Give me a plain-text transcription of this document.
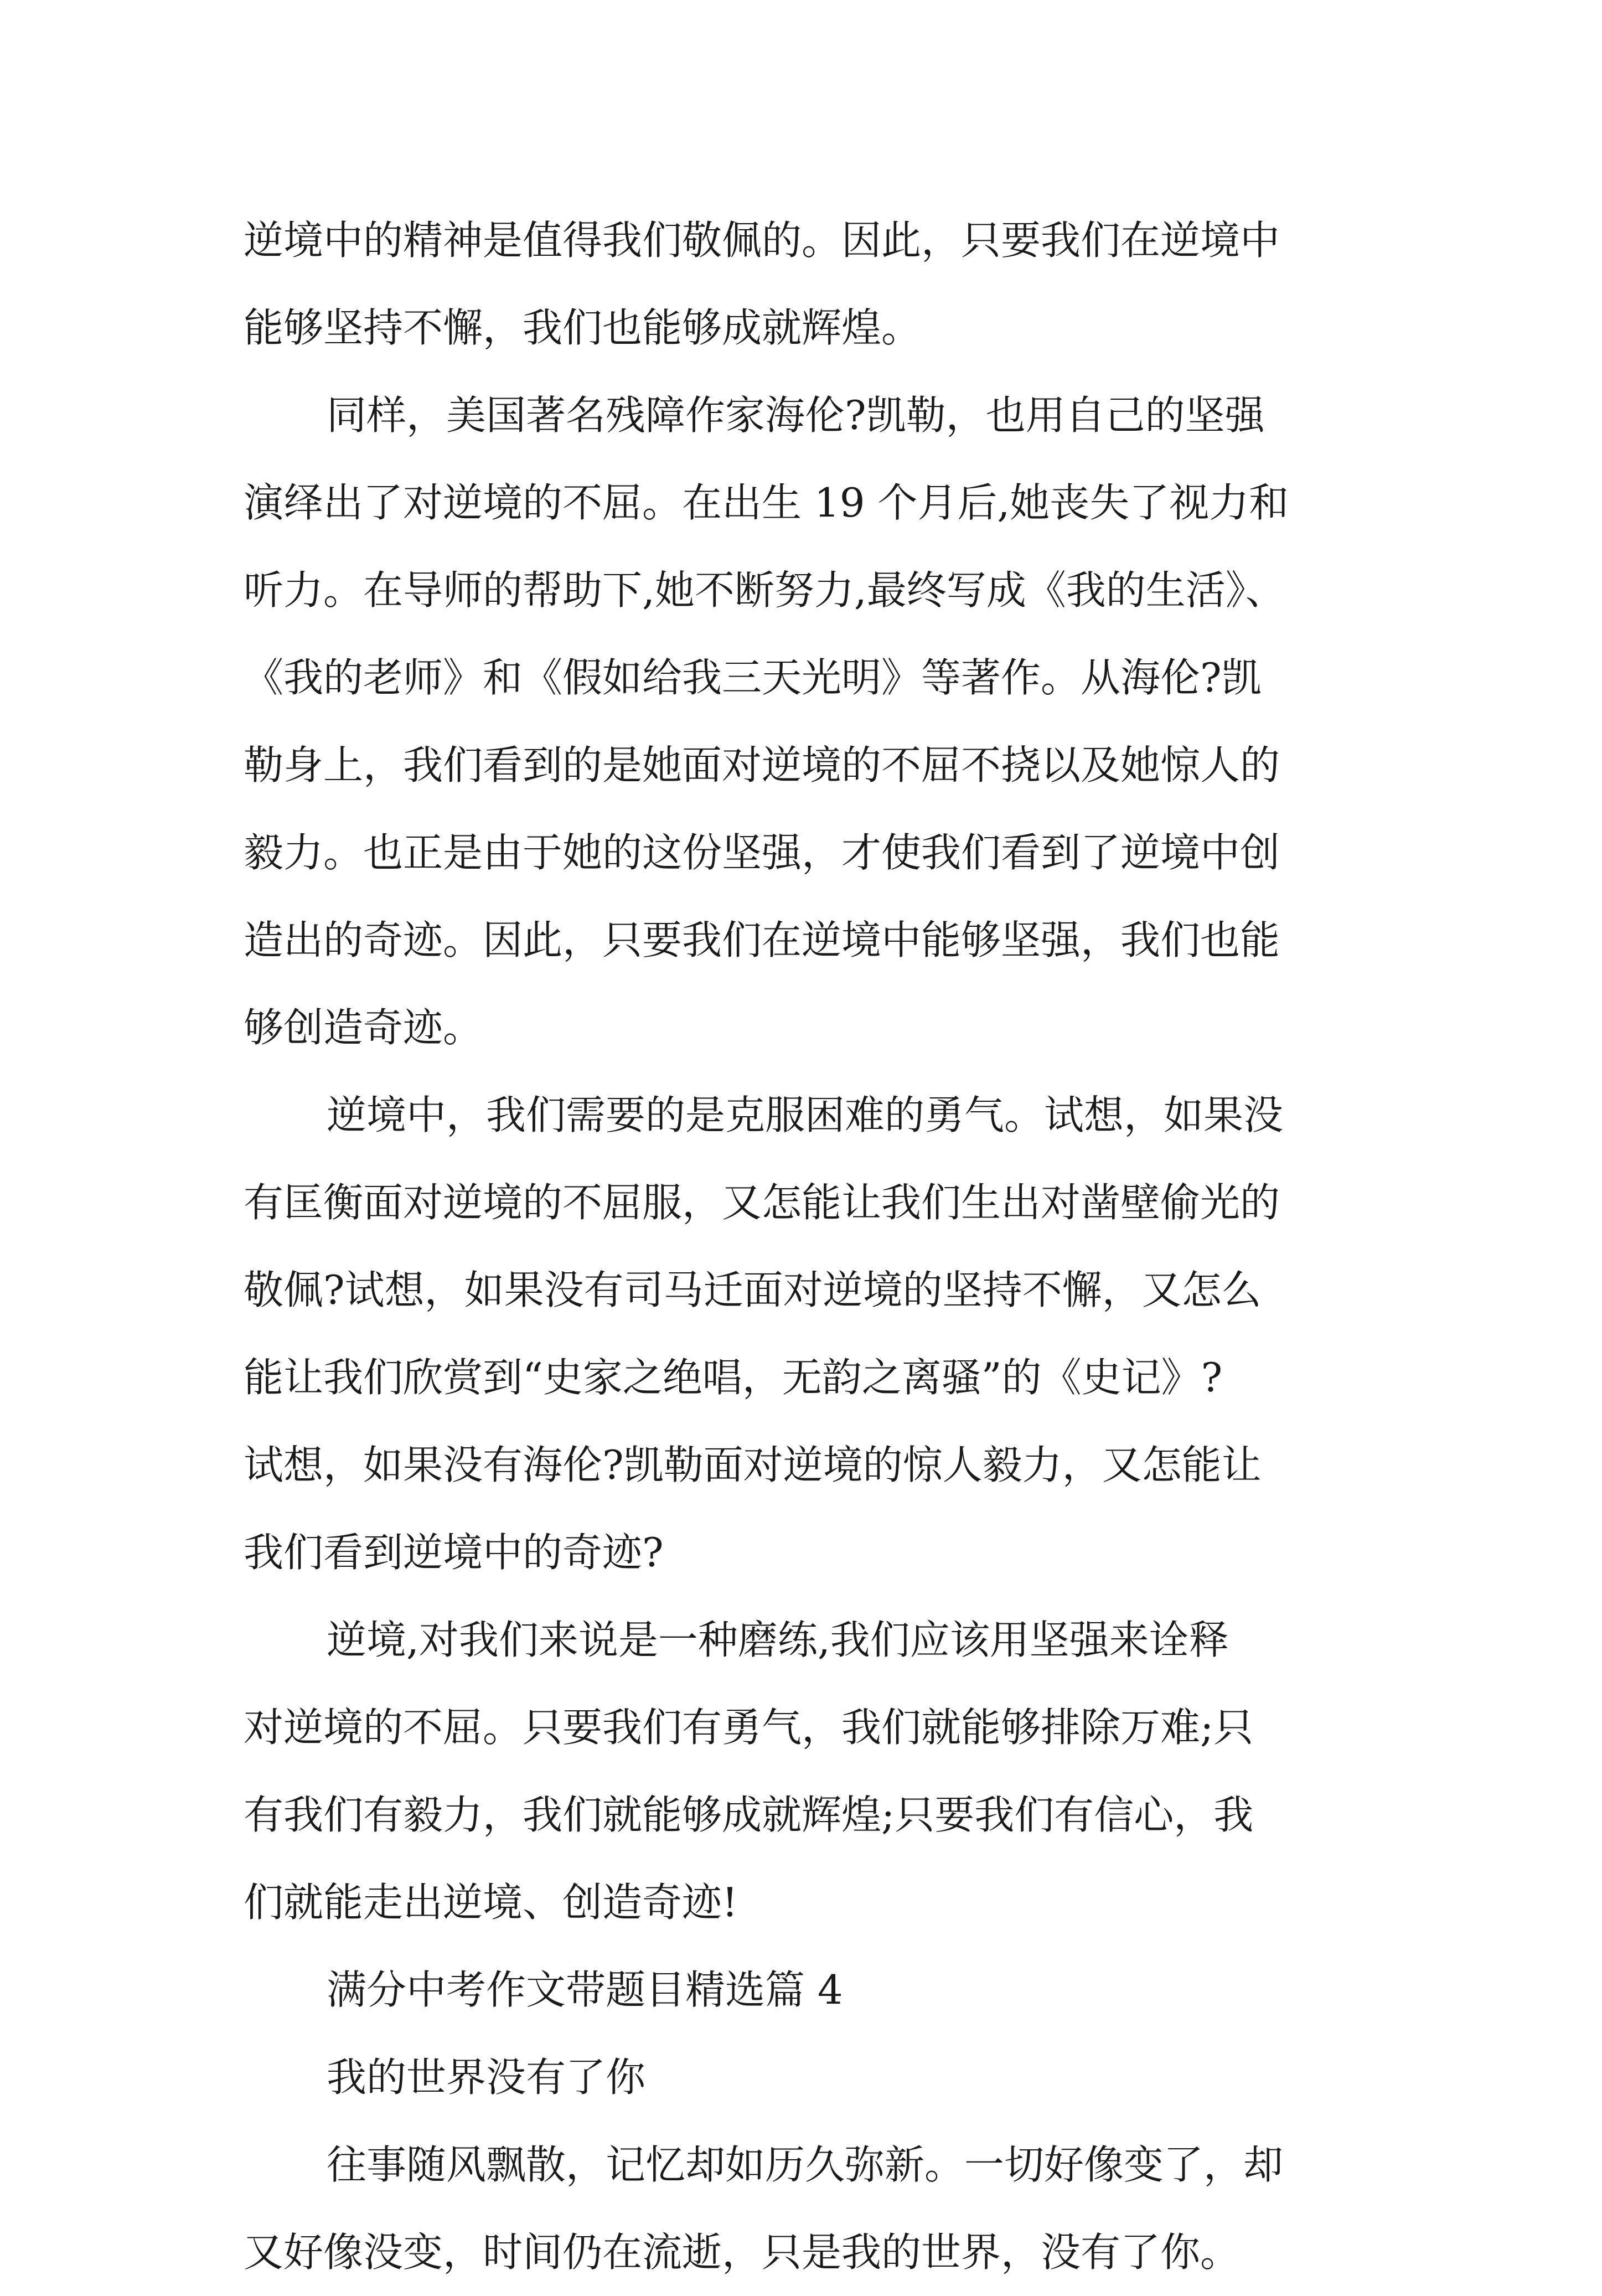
逆境中的精神是值得我们敬佩的。因此，只要我们在逆境中
能够坚持不懈，我们也能够成就辉煌。
同样，美国著名残障作家海伦?凯勒，也用自己的坚强
演绎出了对逆境的不屈。在出生 19 个月后,她丧失了视力和
听力。在导师的帮助下,她不断努力,最终写成《我的生活》、
《我的老师》和《假如给我三天光明》等著作。从海伦?凯
勒身上，我们看到的是她面对逆境的不屈不挠以及她惊人的
毅力。也正是由于她的这份坚强，才使我们看到了逆境中创
造出的奇迹。因此，只要我们在逆境中能够坚强，我们也能
够创造奇迹。
逆境中，我们需要的是克服困难的勇气。试想，如果没
有匡衡面对逆境的不屈服，又怎能让我们生出对凿壁偷光的
敬佩?试想，如果没有司马迁面对逆境的坚持不懈，又怎么
能让我们欣赏到“史家之绝唱，无韵之离骚”的《史记》?
试想，如果没有海伦?凯勒面对逆境的惊人毅力，又怎能让
我们看到逆境中的奇迹?
逆境,对我们来说是一种磨练,我们应该用坚强来诠释
对逆境的不屈。只要我们有勇气，我们就能够排除万难;只
有我们有毅力，我们就能够成就辉煌;只要我们有信心，我
们就能走出逆境、创造奇迹!
满分中考作文带题目精选篇 4
我的世界没有了你
往事随风飘散，记忆却如历久弥新。一切好像变了，却
又好像没变，时间仍在流逝，只是我的世界，没有了你。
